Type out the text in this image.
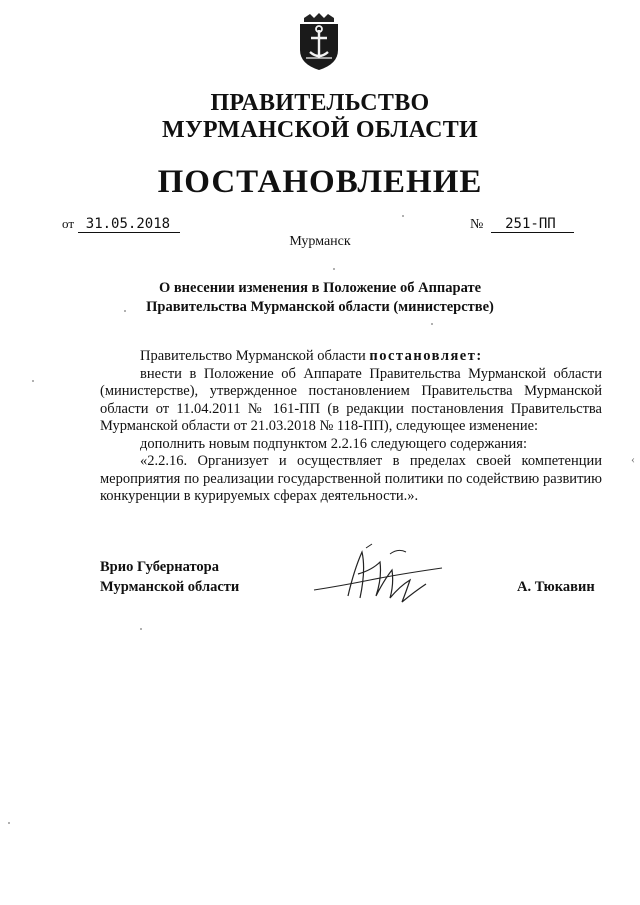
ПРАВИТЕЛЬСТВО
МУРМАНСКОЙ ОБЛАСТИ
ПОСТАНОВЛЕНИЕ
от 31.05.2018	№ 251-ПП
Мурманск
О внесении изменения в Положение об Аппарате
Правительства Мурманской области (министерстве)

Правительство Мурманской области постановляет:

внести в Положение об Аппарате Правительства Мурманской области (министерстве), утвержденное постановлением Правительства Мурманской области от 11.04.2011 № 161-ПП (в редакции постановления Правительства Мурманской области от 21.03.2018 № 118-ПП), следующее изменение:

дополнить новым подпунктом 2.2.16 следующего содержания:

«2.2.16. Организует и осуществляет в пределах своей компетенции мероприятия по реализации государственной политики по содействию развитию конкуренции в курируемых сферах деятельности.».

Врио Губернатора
Мурманской области	А. Тюкавин
‹
